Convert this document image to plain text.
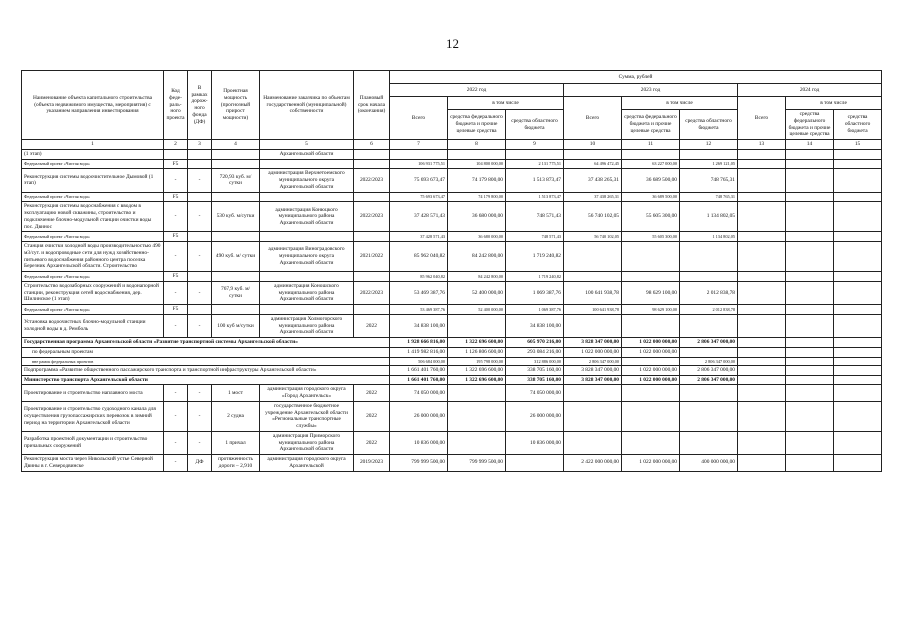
12
Наименование объекта капитального строительства (объекта недвижимого имущества, мероприятия) с указанием направления инвестирования	Код феде-раль-ного проекта	В рамках дорож-ного фонда (ДФ)	Проектная мощность (прогнозный прирост мощности)	Наименование заказчика по объектам государственной (муниципальной) собственности	Плановый срок начала (окончания)	Сумма, рублей								
						2022 год			2023 год			2024 год		
						Всего	в том числе		Всего	в том числе		Всего	в том числе	
							средства федерального бюджета и прочие целевые средства	средства областного бюджета		средства федерального бюджета и прочие целевые средства	средства областного бюджета		средства федерального бюджета и прочие целевые средства	средства областного бюджета
1	2	3	4	5	6	7	8	9	10	11	12	13	14	15
(1 этап)				Архангельской области										
Федеральный проект «Чистая вода»	F5					106 931 775,51	104 800 000,00	2 131 775,51	64 496 472,45	63 227 000,00	1 269 121,05			
Реконструкция системы водоочистительное Дымовой (1 этап)	-	-	720,93 куб. м/сутки	администрация Верхнетоемского муниципального округа Архангельской области	2022/2023	75 693 673,47	74 179 800,00	1 513 873,47	37 438 265,31	36 689 500,00	748 765,31			
Федеральный проект «Чистая вода»	F5					75 693 673,47	74 179 800,00	1 513 873,47	37 438 265,31	36 689 500,00	748 765,31			
Реконструкция системы водоснабжения с вводом в эксплуатацию новой скважины, строительство и подключение блочно-модульной станции очистки воды пос. Двинос	-	-	530 куб. м/сутки	администрация Конюцкого муниципального района Архангельской области	2022/2023	37 428 571,43	36 680 000,00	748 571,43	56 740 102,05	55 605 300,00	1 134 802,05			
Федеральный проект «Чистая вода»	F5					37 428 571,43	36 680 000,00	748 571,43	56 740 102,05	55 605 300,00	1 134 802,05			
Станция очистки холодной воды производительностью 490 м3/сут. и водопроводные сети для нужд хозяйственно-питьевого водоснабжения районного центра поселка Березник Архангельской области. Строительство	-	-	490 куб. м/ сутки	администрация Виноградовского муниципального округа Архангельской области	2021/2022	85 962 040,82	84 242 800,00	1 719 240,82						
Федеральный проект «Чистая вода»	F5					85 962 040,82	84 242 800,00	1 719 240,82						
Строительство водозаборных сооружений и водонапорной станции, реконструкция сетей водоснабжения, дер. Шилинское (1 этап)	-	-	767,9 куб. м/ сутки	администрация Коношского муниципального района Архангельской области	2022/2023	53 469 387,76	52 400 000,00	1 069 387,76	100 641 938,78	98 629 100,00	2 012 838,78			
Федеральный проект «Чистая вода»	F5					53 469 387,76	52 400 000,00	1 069 387,76	100 641 938,78	98 629 100,00	2 012 838,78			
Установка водоочистных блочно-модульной станции холодной воды в д. Ремболь	-	-	100 куб м/сутки	администрация Холмогорского муниципального района Архангельской области	2022	34 838 100,00		34 838 100,00						
Государственная программа Архангельской области «Развитие транспортной системы Архангельской области»						1 928 666 816,00	1 322 696 600,00	605 970 216,00	3 828 347 000,00	1 022 000 000,00	2 806 347 000,00			
по федеральным проектам						1 419 982 816,00	1 126 806 600,00	293 084 216,00	1 022 000 000,00	1 022 000 000,00				
вне рамок федеральных проектов						506 684 000,00	195 798 000,00	312 886 000,00	2 806 347 000,00		2 806 347 000,00			
Подпрограмма «Развитие общественного пассажирского транспорта и транспортной инфраструктуры Архангельской области»						1 661 401 760,00	1 322 696 600,00	338 705 160,00	3 828 347 000,00	1 022 000 000,00	2 806 347 000,00			
Министерство транспорта Архангельской области						1 661 401 760,00	1 322 696 600,00	338 705 160,00	3 828 347 000,00	1 022 000 000,00	2 806 347 000,00			
Проектирование и строительство наплавного моста	-	-	1 мост	администрация городского округа «Город Архангельск»	2022	74 050 000,00		74 050 000,00						
Проектирование и строительство судоходного канала для осуществления грузопассажирских перевозок в зимний период на территории Архангельской области	-	-	2 судна	государственное бюджетное учреждение Архангельской области «Региональные транспортные службы»	2022	26 000 000,00		26 000 000,00						
Разработка проектной документации и строительство причальных сооружений	-	-	1 причал	администрация Приморского муниципального района Архангельской области	2022	10 836 000,00		10 836 000,00						
Реконструкция моста через Никольский устье Северной Двины в г. Северодвинске	-	ДФ	протяженность дороги – 2,910	администрация городского округа Архангельской	2019/2023	799 999 500,00	799 999 500,00		2 422 000 000,00	1 022 000 000,00	400 000 000,00			
